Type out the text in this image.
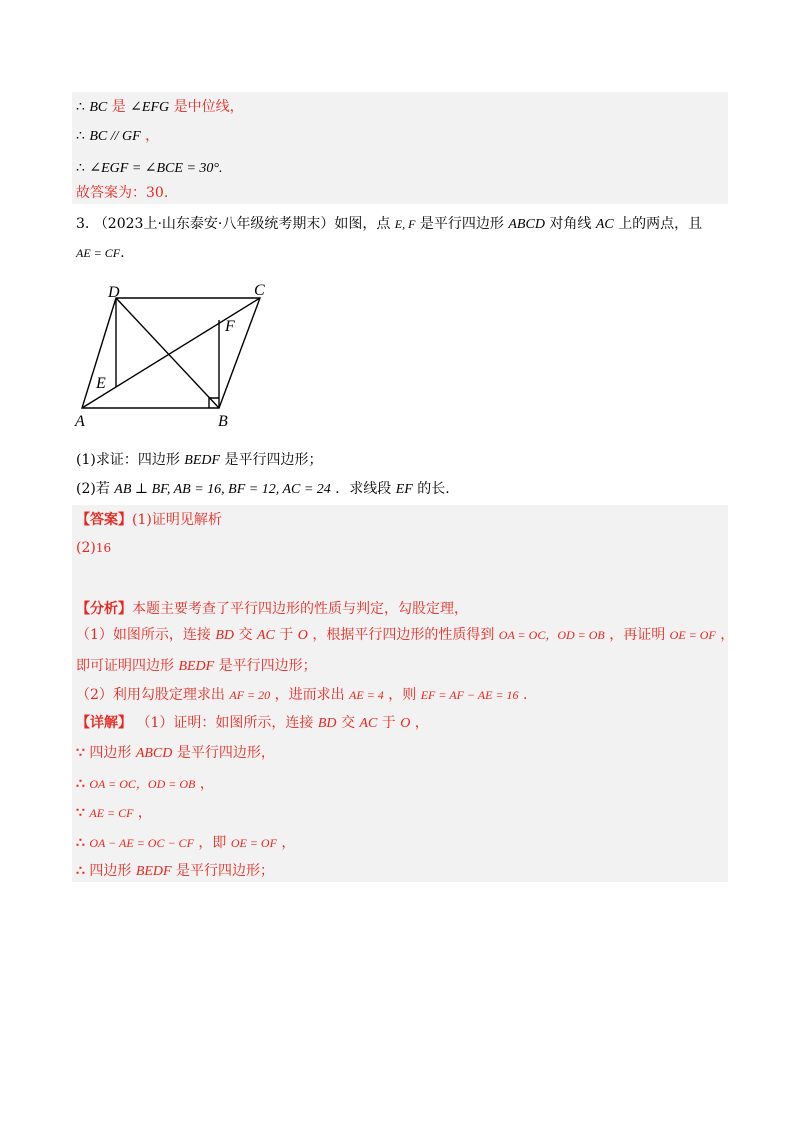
∴ BC 是 ∠EFG 是中位线，
∴ BC // GF ，
∴ ∠EGF = ∠BCE = 30°.
故答案为：30.
3. （2023上·山东泰安·八年级统考期末）如图，点 E, F 是平行四边形 ABCD 对角线 AC 上的两点，且
AE = CF.
A	B
C
D
E
F
(1)求证：四边形 BEDF 是平行四边形；
(2)若 AB ⊥ BF, AB = 16, BF = 12, AC = 24 ．求线段 EF 的长.
【答案】(1)证明见解析
(2)16
【分析】本题主要考查了平行四边形的性质与判定，勾股定理，
（1）如图所示，连接 BD 交 AC 于 O ，根据平行四边形的性质得到 OA = OC，OD = OB ，再证明 OE = OF ，
即可证明四边形 BEDF 是平行四边形；
（2）利用勾股定理求出 AF = 20 ，进而求出 AE = 4 ，则 EF = AF − AE = 16 .
【详解】 （1）证明：如图所示，连接 BD 交 AC 于 O ，
∵ 四边形 ABCD 是平行四边形，
∴ OA = OC，OD = OB ，
∵ AE = CF ，
∴ OA − AE = OC − CF ，即 OE = OF ，
∴ 四边形 BEDF 是平行四边形；
